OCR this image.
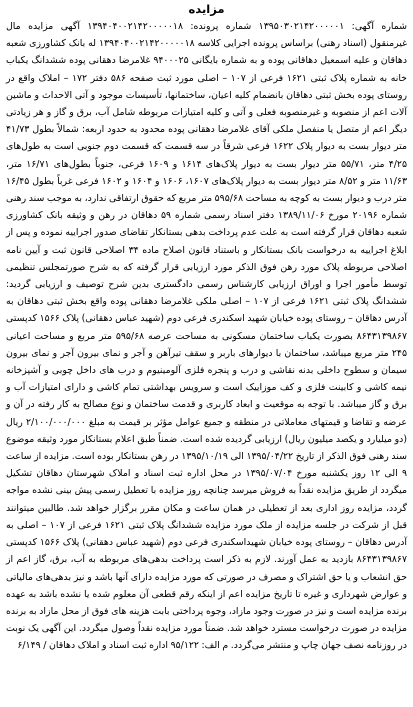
مزایده

شماره آگهی: ۱۳۹۵۰۳۰۲۱۴۲۰۰۰۰۰۱ شماره پرونده: ۱۳۹۴۰۴۰۰۲۱۴۲۰۰۰۰۰۱۸ آگهی مزایده مال غیرمنقول (اسناد رهنی) براساس پرونده اجرایی کلاسه ۱۳۹۴۰۴۰۰۲۱۴۲۰۰۰۰۰۱۸ له بانک کشاورزی شعبه دهاقان و علیه اسمعیل دهاقانی پوده و به شماره بایگانی ۹۴۰۰۰۲۵ غلامرضا دهقانی پوده ششدانگ یکباب خانه به شماره پلاک ثبتی ۱۶۲۱ فرعی از ۱۰۷ – اصلی مورد ثبت صفحه ۵۸۶ دفتر ۱۷۲ – املاک واقع در روستای پوده بخش ثبتی دهاقان بانضمام کلیه اعیان، ساختمانها، تأسیسات موجود و آتی الاحداث و ماشین آلات اعم از منصوبه و غیرمنصوبه فعلی و آتی و کلیه امتیازات مربوطه شامل آب، برق و گاز و هر زیادتی دیگر اعم از متصل یا منفصل ملکی آقای غلامرضا دهقانی پوده محدود به حدود اربعه: شمالاً بطول ۴۱/۷۳ متر دیوار بست به دیوار پلاک ۱۶۲۲ فرعی شرقاً در سه قسمت که قسمت دوم جنوبی است به طول‌های ۴/۲۵ متر، ۵۵/۷۱ متر دیوار بست به دیوار پلاک‌های ۱۶۱۴ و ۱۶۰۹ فرعی، جنوباً بطول‌های ۱۶/۷۱ متر، ۱۱/۶۳ متر و ۸/۵۲ متر دیوار بست به دیوار پلاک‌های ۱۶۰۷، ۱۶۰۶ و ۱۶۰۴ و ۱۶۰۲ فرعی غرباً بطول ۱۶/۴۵ متر درب و دیوار بست به کوچه به مساحت ۵۹۵/۶۸ متر مربع که حقوق ارتفاقی ندارد، به موجب سند رهنی شماره ۲۰۱۹۶ مورخ ۱۳۸۹/۱۱/۰۶ دفتر اسناد رسمی شماره ۵۹ دهاقان در رهن و وثیقه بانک کشاورزی شعبه دهاقان قرار گرفته است به علت عدم پرداخت بدهی بستانکار تقاضای صدور اجراییه نموده و پس از ابلاغ اجراییه به درخواست بانک بستانکار و باستناد قانون اصلاح ماده ۳۴ اصلاحی قانون ثبت و آیین نامه اصلاحی مربوطه پلاک مورد رهن فوق الذکر مورد ارزیابی قرار گرفته که به شرح صورتمجلس تنظیمی توسط مأمور اجرا و اوراق ارزیابی کارشناس رسمی دادگستری بدین شرح توصیف و ارزیابی گردید: ششدانگ پلاک ثبتی ۱۶۲۱ فرعی از ۱۰۷ – اصلی ملکی غلامرضا دهقانی پوده واقع بخش ثبتی دهاقان به آدرس دهاقان – روستای پوده خیابان شهید اسکندری فرعی دوم (شهید عباس دهقانی) پلاک ۱۵۶۶ کدپستی ۸۶۴۳۱۳۹۸۶۷ بصورت یکباب ساختمان مسکونی به مساحت عرصه ۵۹۵/۶۸ متر مربع و مساحت اعیانی ۲۴۵ متر مربع میباشد، ساختمان با دیوارهای باربر و سقف تیرآهن و آجر و نمای بیرون آجر و نمای بیرون سیمان و سطوح داخلی بدنه نقاشی و درب و پنجره فلزی آلومینیوم و درب های داخل چوبی و آشپزخانه نیمه کاشی و کابینت فلزی و کف موزاییک است و سرویس بهداشتی تمام کاشی و دارای امتیازات آب و برق و گاز میباشد. با توجه به موقعیت و ابعاد کاربری و قدمت ساختمان و نوع مصالح به کار رفته در آن و عرضه و تقاضا و قیمتهای معاملاتی در منطقه و جمیع عوامل مؤثر بر قیمت به مبلغ ۲/۱۰۰/۰۰۰/۰۰۰ ریال (دو میلیارد و یکصد میلیون ریال) ارزیابی گردیده شده است. ضمناً طبق اعلام بستانکار مورد وثیقه موضوع سند رهنی فوق الذکر از تاریخ ۱۳۹۵/۰۴/۲۲ الی ۱۳۹۵/۱۰/۱۹ در رهن بستانکار بوده است. مزایده از ساعت ۹ الی ۱۲ روز یکشنبه مورخ ۱۳۹۵/۰۷/۰۴ در محل اداره ثبت اسناد و املاک شهرستان دهاقان تشکیل میگردد از طریق مزایده نقداً به فروش میرسد چنانچه روز مزایده با تعطیل رسمی پیش بینی نشده مواجه گردد، مزایده روز اداری بعد از تعطیلی در همان ساعت و مکان مقرر برگزار خواهد شد. طالبین میتوانند قبل از شرکت در جلسه مزایده از ملک مورد مزایده ششدانگ پلاک ثبتی ۱۶۲۱ فرعی از ۱۰۷ – اصلی به آدرس دهاقان – روستای پوده خیابان شهیداسکندری فرعی دوم (شهید عباس دهقانی) پلاک ۱۵۶۶ کدپستی ۸۶۴۳۱۳۹۸۶۷ بازدید به عمل آورند. لازم به ذکر است پرداخت بدهی‌های مربوطه به آب، برق، گاز اعم از حق انشعاب و یا حق اشتراک و مصرف در صورتی که مورد مزایده دارای آنها باشد و نیز بدهی‌های مالیاتی و عوارض شهرداری و غیره تا تاریخ مزایده اعم از اینکه رقم قطعی آن معلوم شده یا نشده باشد به عهده برنده مزایده است و نیز در صورت وجود مازاد، وجوه پرداختی بابت هزینه های فوق از محل مازاد به برنده مزایده در صورت درخواست مسترد خواهد شد. ضمناً مورد مزایده نقداً وصول میگردد. این آگهی یک نوبت در روزنامه نصف جهان چاپ و منتشر می‌گردد. م الف: ۹۵/۱۲۲ اداره ثبت اسناد و املاک دهاقان / ۶/۱۴۹
